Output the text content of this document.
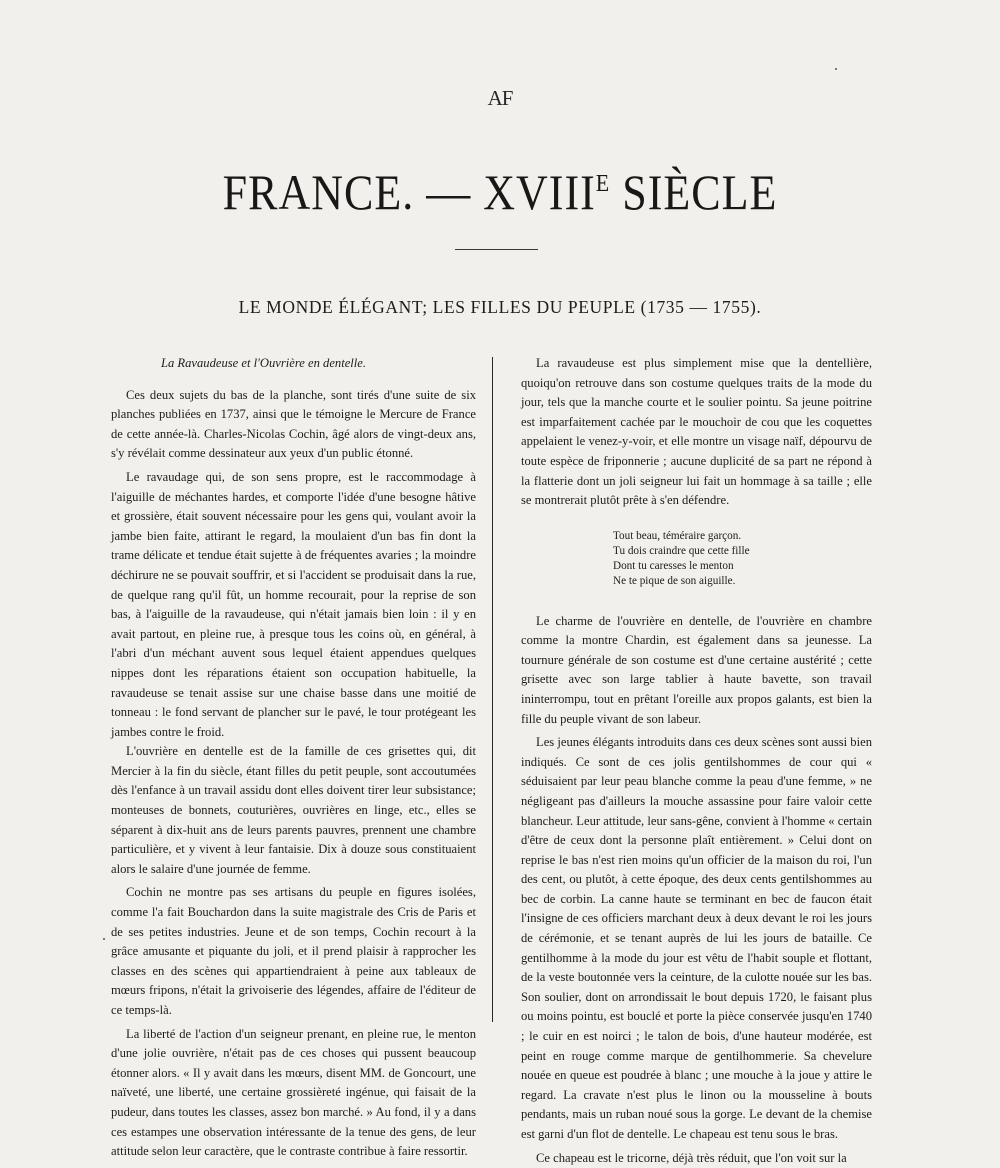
AF
FRANCE. — $XVIII^E$ SIÈCLE
LE MONDE ÉLÉGANT; LES FILLES DU PEUPLE (1735 — 1755).

La Ravaudeuse et l'Ouvrière en dentelle.

Ces deux sujets du bas de la planche, sont tirés d'une suite de six planches publiées en 1737, ainsi que le témoigne le Mercure de France de cette année-là. Charles-Nicolas Cochin, âgé alors de vingt-deux ans, s'y révélait comme dessinateur aux yeux d'un public étonné.

Le ravaudage qui, de son sens propre, est le raccommodage à l'aiguille de méchantes hardes, et comporte l'idée d'une besogne hâtive et grossière, était souvent nécessaire pour les gens qui, voulant avoir la jambe bien faite, attirant le regard, la moulaient d'un bas fin dont la trame délicate et tendue était sujette à de fréquentes avaries ; la moindre déchirure ne se pouvait souffrir, et si l'accident se produisait dans la rue, de quelque rang qu'il fût, un homme recourait, pour la reprise de son bas, à l'aiguille de la ravaudeuse, qui n'était jamais bien loin : il y en avait partout, en pleine rue, à presque tous les coins où, en général, à l'abri d'un méchant auvent sous lequel étaient appendues quelques nippes dont les réparations étaient son occupation habituelle, la ravaudeuse se tenait assise sur une chaise basse dans une moitié de tonneau : le fond servant de plancher sur le pavé, le tour protégeant les jambes contre le froid.

L'ouvrière en dentelle est de la famille de ces grisettes qui, dit Mercier à la fin du siècle, étant filles du petit peuple, sont accoutumées dès l'enfance à un travail assidu dont elles doivent tirer leur subsistance; monteuses de bonnets, couturières, ouvrières en linge, etc., elles se séparent à dix-huit ans de leurs parents pauvres, prennent une chambre particulière, et y vivent à leur fantaisie. Dix à douze sous constituaient alors le salaire d'une journée de femme.

Cochin ne montre pas ses artisans du peuple en figures isolées, comme l'a fait Bouchardon dans la suite magistrale des Cris de Paris et de ses petites industries. Jeune et de son temps, Cochin recourt à la grâce amusante et piquante du joli, et il prend plaisir à rapprocher les classes en des scènes qui appartiendraient à peine aux tableaux de mœurs fripons, n'était la grivoiserie des légendes, affaire de l'éditeur de ce temps-là.

La liberté de l'action d'un seigneur prenant, en pleine rue, le menton d'une jolie ouvrière, n'était pas de ces choses qui pussent beaucoup étonner alors. « Il y avait dans les mœurs, disent MM. de Goncourt, une naïveté, une liberté, une certaine grossièreté ingénue, qui faisait de la pudeur, dans toutes les classes, assez bon marché. » Au fond, il y a dans ces estampes une observation intéressante de la tenue des gens, de leur attitude selon leur caractère, que le contraste contribue à faire ressortir.

La ravaudeuse est plus simplement mise que la dentellière, quoiqu'on retrouve dans son costume quelques traits de la mode du jour, tels que la manche courte et le soulier pointu. Sa jeune poitrine est imparfaitement cachée par le mouchoir de cou que les coquettes appelaient le venez-y-voir, et elle montre un visage naïf, dépourvu de toute espèce de friponnerie ; aucune duplicité de sa part ne répond à la flatterie dont un joli seigneur lui fait un hommage à sa taille ; elle se montrerait plutôt prête à s'en défendre.

Tout beau, téméraire garçon.
Tu dois craindre que cette fille
Dont tu caresses le menton
Ne te pique de son aiguille.

Le charme de l'ouvrière en dentelle, de l'ouvrière en chambre comme la montre Chardin, est également dans sa jeunesse. La tournure générale de son costume est d'une certaine austérité ; cette grisette avec son large tablier à haute bavette, son travail ininterrompu, tout en prêtant l'oreille aux propos galants, est bien la fille du peuple vivant de son labeur.

Les jeunes élégants introduits dans ces deux scènes sont aussi bien indiqués. Ce sont de ces jolis gentilshommes de cour qui « séduisaient par leur peau blanche comme la peau d'une femme, » ne négligeant pas d'ailleurs la mouche assassine pour faire valoir cette blancheur. Leur attitude, leur sans-gêne, convient à l'homme « certain d'être de ceux dont la personne plaît entièrement. » Celui dont on reprise le bas n'est rien moins qu'un officier de la maison du roi, l'un des cent, ou plutôt, à cette époque, des deux cents gentilshommes au bec de corbin. La canne haute se terminant en bec de faucon était l'insigne de ces officiers marchant deux à deux devant le roi les jours de cérémonie, et se tenant auprès de lui les jours de bataille. Ce gentilhomme à la mode du jour est vêtu de l'habit souple et flottant, de la veste boutonnée vers la ceinture, de la culotte nouée sur les bas. Son soulier, dont on arrondissait le bout depuis 1720, le faisant plus ou moins pointu, est bouclé et porte la pièce conservée jusqu'en 1740 ; le cuir en est noirci ; le talon de bois, d'une hauteur modérée, est peint en rouge comme marque de gentilhommerie. Sa chevelure nouée en queue est poudrée à blanc ; une mouche à la joue y attire le regard. La cravate n'est plus le linon ou la mousseline à bouts pendants, mais un ruban noué sous la gorge. Le devant de la chemise est garni d'un flot de dentelle. Le chapeau est tenu sous le bras.

Ce chapeau est le tricorne, déjà très réduit, que l'on voit sur la
